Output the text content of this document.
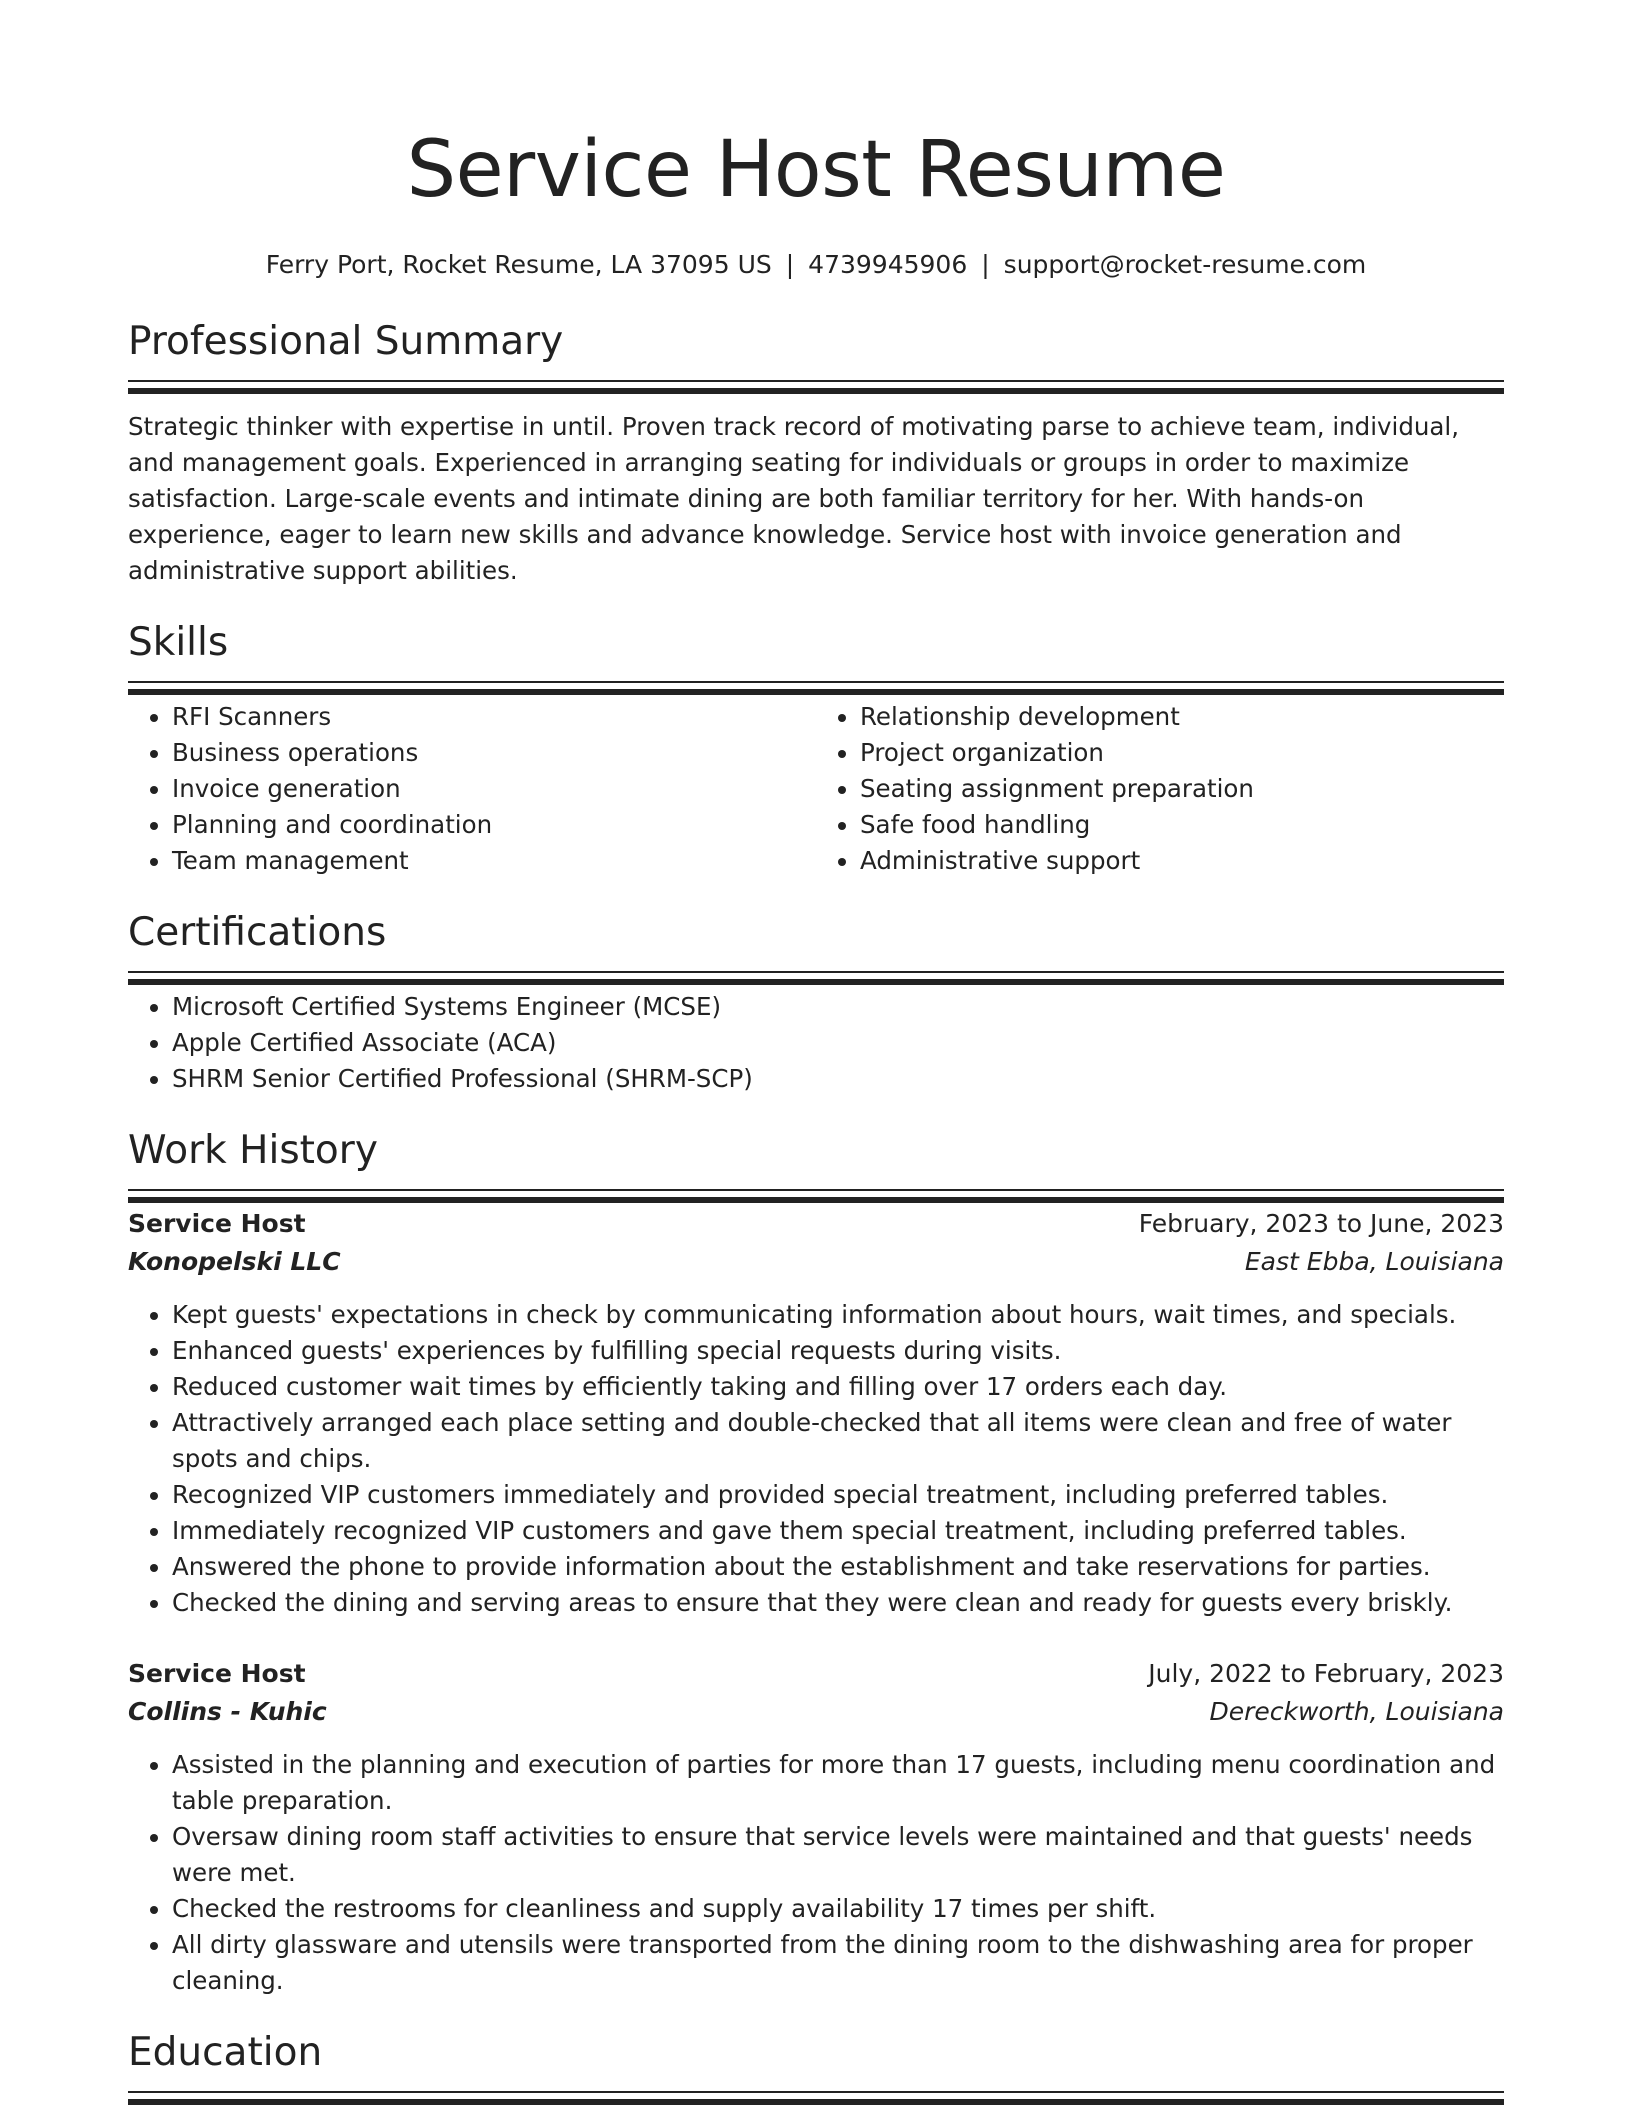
Service Host Resume
Ferry Port, Rocket Resume, LA 37095 US | 4739945906 | support@rocket-resume.com
Professional Summary
Strategic thinker with expertise in until. Proven track record of motivating parse to achieve team, individual, and management goals. Experienced in arranging seating for individuals or groups in order to maximize satisfaction. Large-scale events and intimate dining are both familiar territory for her. With hands-on experience, eager to learn new skills and advance knowledge. Service host with invoice generation and administrative support abilities.
Skills
• RFI Scanners
• Business operations
• Invoice generation
• Planning and coordination
• Team management
• Relationship development
• Project organization
• Seating assignment preparation
• Safe food handling
• Administrative support
Certifications
• Microsoft Certified Systems Engineer (MCSE)
• Apple Certified Associate (ACA)
• SHRM Senior Certified Professional (SHRM-SCP)
Work History
Service Host	February, 2023 to June, 2023
Konopelski LLC	East Ebba, Louisiana
• Kept guests' expectations in check by communicating information about hours, wait times, and specials.
• Enhanced guests' experiences by fulfilling special requests during visits.
• Reduced customer wait times by efficiently taking and filling over 17 orders each day.
• Attractively arranged each place setting and double-checked that all items were clean and free of water spots and chips.
• Recognized VIP customers immediately and provided special treatment, including preferred tables.
• Immediately recognized VIP customers and gave them special treatment, including preferred tables.
• Answered the phone to provide information about the establishment and take reservations for parties.
• Checked the dining and serving areas to ensure that they were clean and ready for guests every briskly.
Service Host	July, 2022 to February, 2023
Collins - Kuhic	Dereckworth, Louisiana
• Assisted in the planning and execution of parties for more than 17 guests, including menu coordination and table preparation.
• Oversaw dining room staff activities to ensure that service levels were maintained and that guests' needs were met.
• Checked the restrooms for cleanliness and supply availability 17 times per shift.
• All dirty glassware and utensils were transported from the dining room to the dishwashing area for proper cleaning.
Education
